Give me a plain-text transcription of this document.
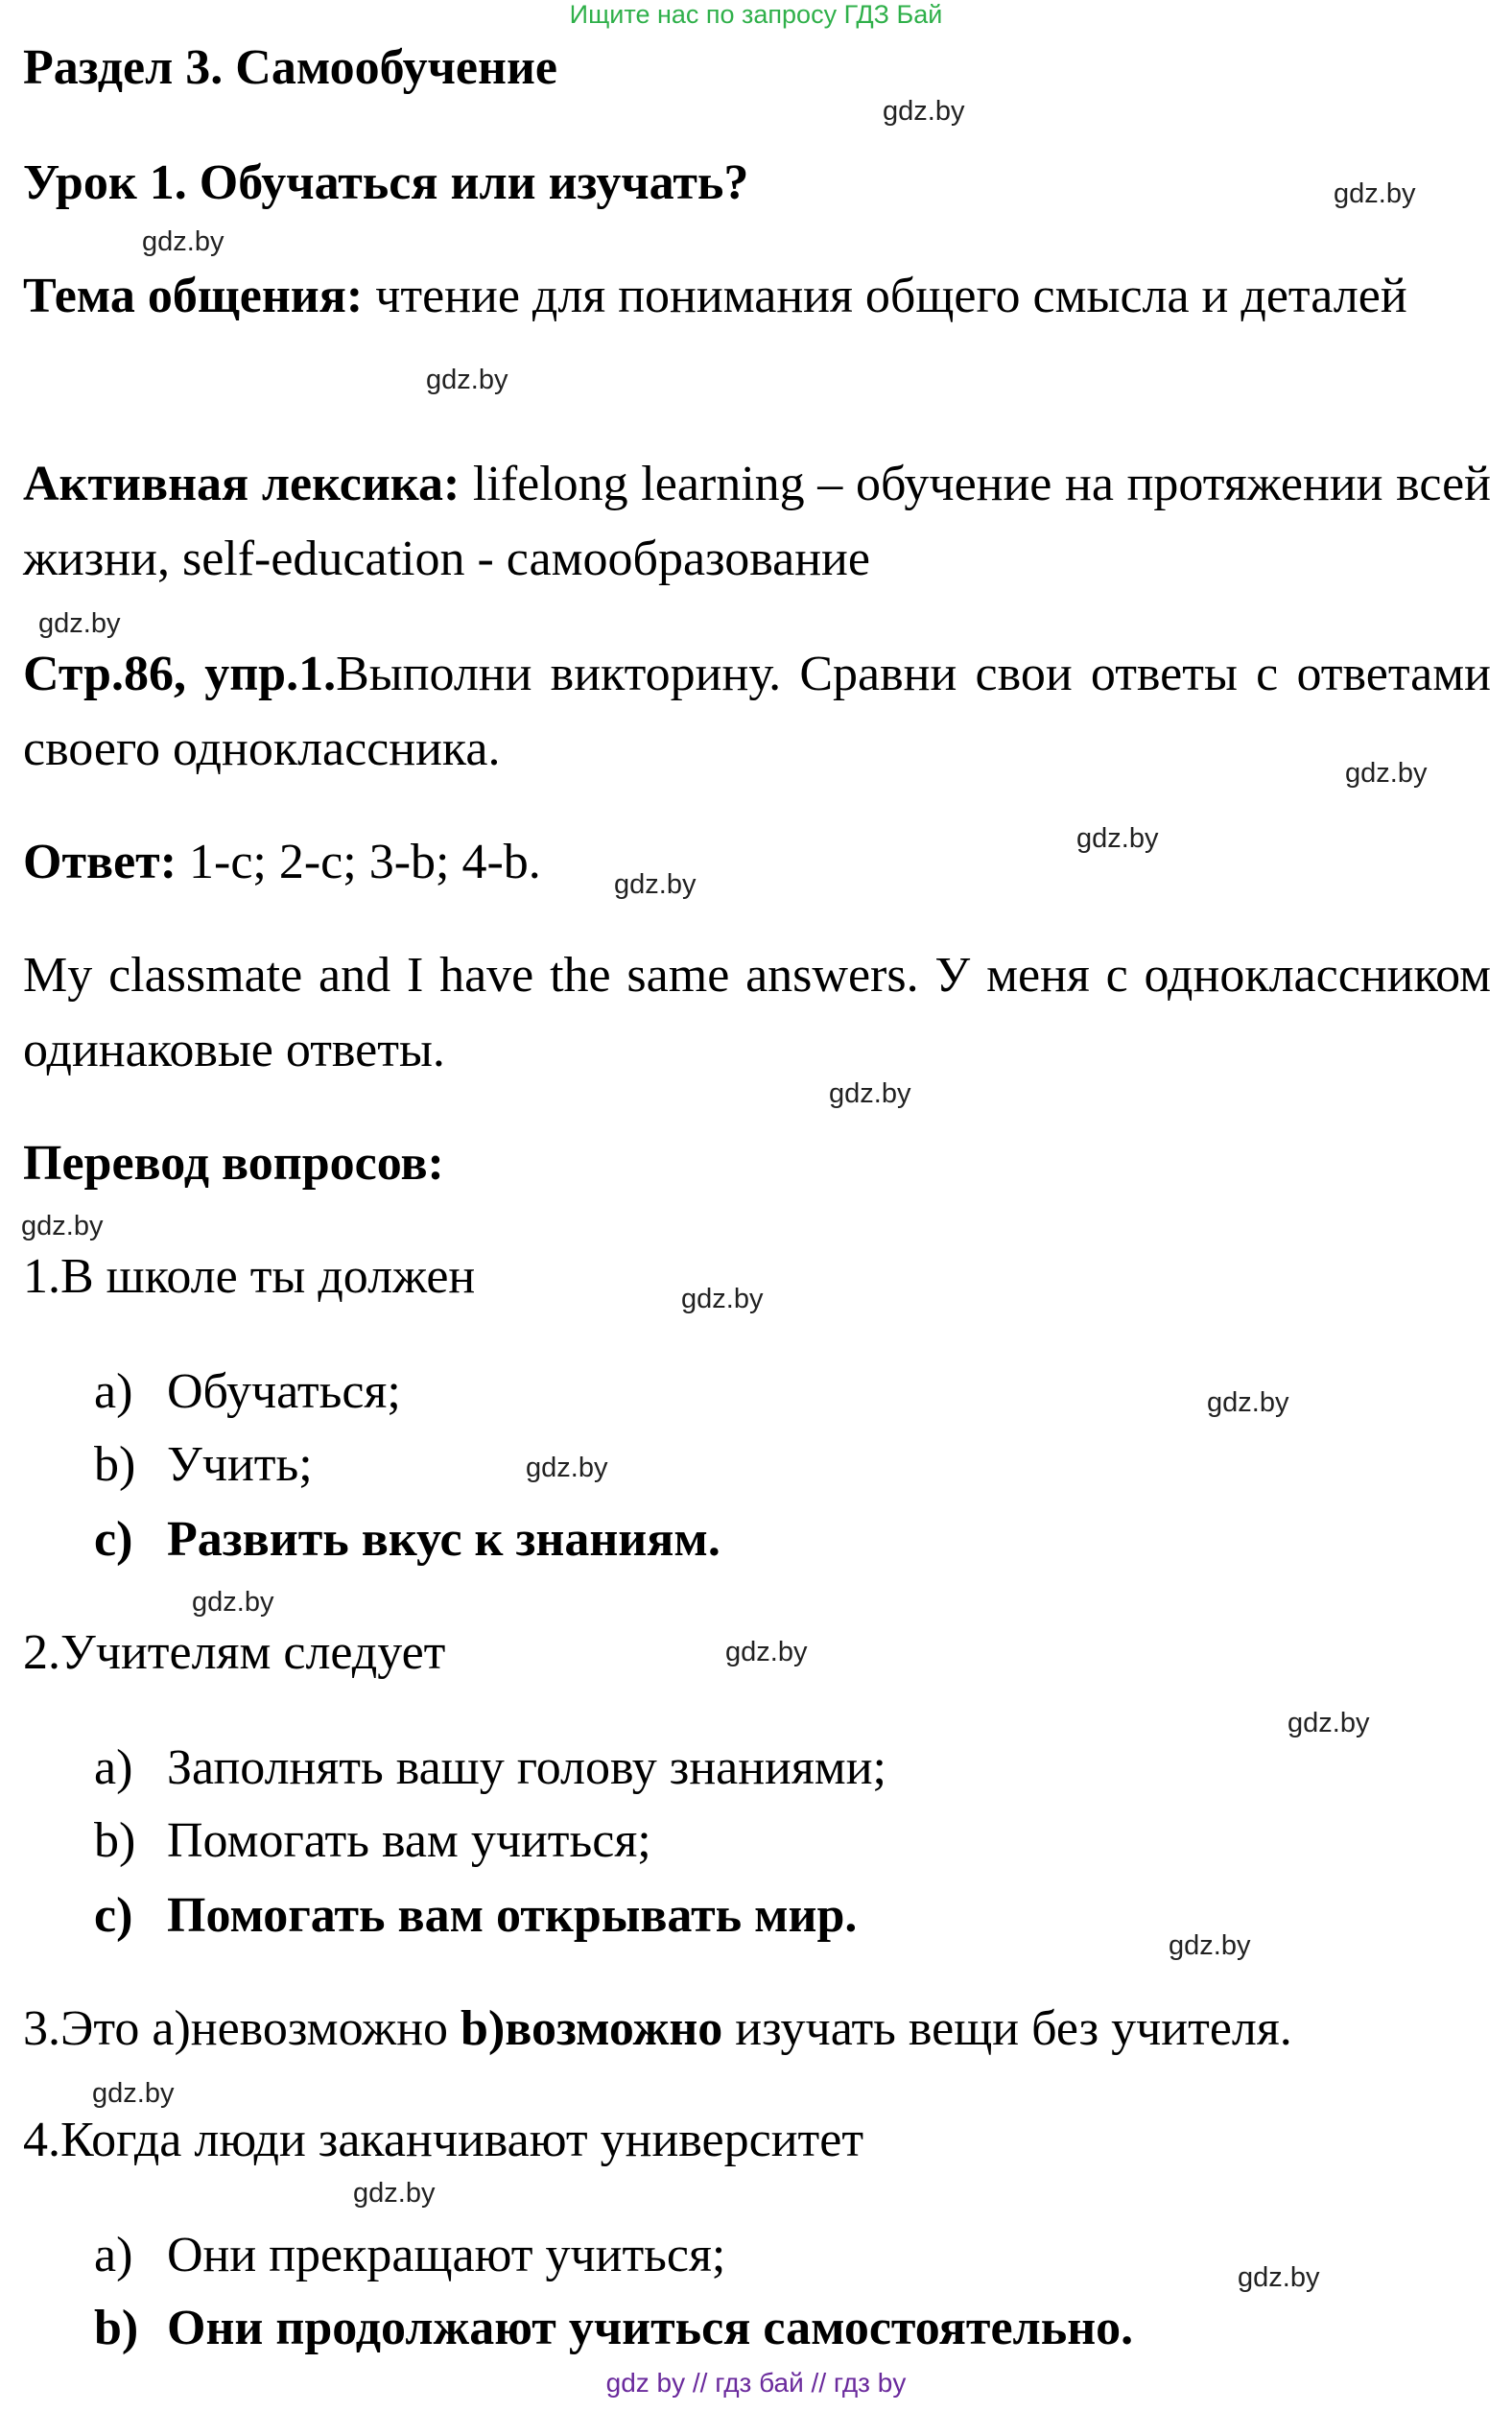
Ищите нас по запросу ГДЗ Бай
Раздел 3. Самообучение
Урок 1. Обучаться или изучать?
Тема общения: чтение для понимания общего смысла и деталей
Активная лексика: lifelong learning – обучение на протяжении всей жизни, self-education - самообразование
Стр.86, упр.1.Выполни викторину. Сравни свои ответы с ответами своего одноклассника.
Ответ: 1-c; 2-c; 3-b; 4-b.
My classmate and I have the same answers. У меня с одноклассником одинаковые ответы.
Перевод вопросов:
1.В школе ты должен
a) Обучаться;
b) Учить;
c) Развить вкус к знаниям.
2.Учителям следует
a) Заполнять вашу голову знаниями;
b) Помогать вам учиться;
c) Помогать вам открывать мир.
3.Это а)невозможно b)возможно изучать вещи без учителя.
4.Когда люди заканчивают университет
a) Они прекращают учиться;
b) Они продолжают учиться самостоятельно.
gdz.by
gdz.by
gdz.by
gdz.by
gdz.by
gdz.by
gdz.by
gdz.by
gdz.by
gdz.by
gdz.by
gdz.by
gdz.by
gdz.by
gdz.by
gdz.by
gdz.by
gdz.by
gdz.by
gdz.by
gdz by // гдз бай // гдз by
